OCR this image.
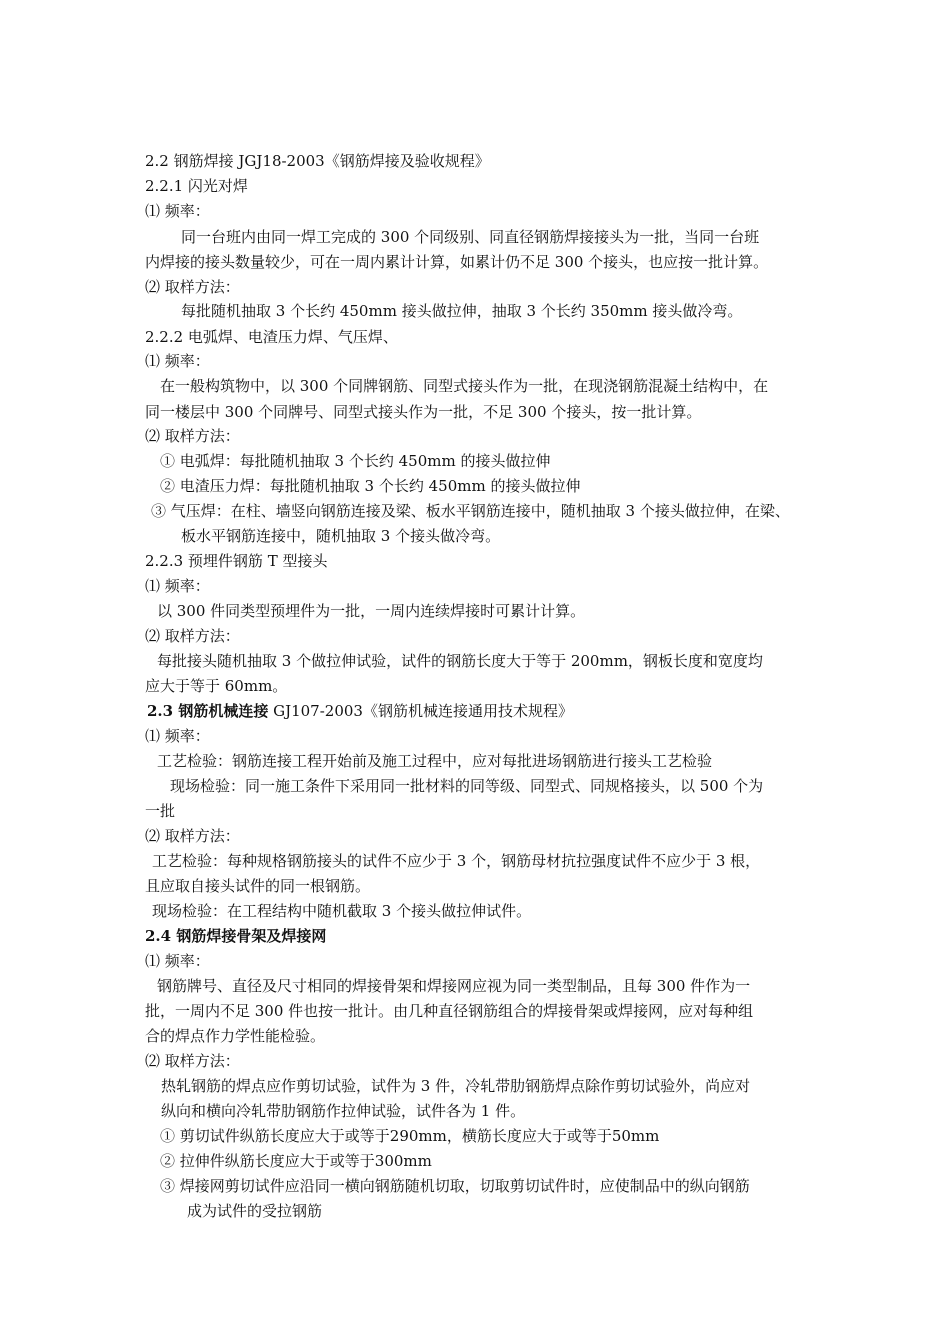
2.2 钢筋焊接 JGJ18-2003《钢筋焊接及验收规程》
2.2.1 闪光对焊
⑴ 频率：
同一台班内由同一焊工完成的 300 个同级别、同直径钢筋焊接接头为一批，当同一台班
内焊接的接头数量较少，可在一周内累计计算，如累计仍不足 300 个接头，也应按一批计算。
⑵ 取样方法：
每批随机抽取 3 个长约 450mm 接头做拉伸，抽取 3 个长约 350mm 接头做冷弯。
2.2.2 电弧焊、电渣压力焊、气压焊、
⑴ 频率：
在一般构筑物中，以 300 个同牌钢筋、同型式接头作为一批，在现浇钢筋混凝土结构中，在
同一楼层中 300 个同牌号、同型式接头作为一批，不足 300 个接头，按一批计算。
⑵ 取样方法：
① 电弧焊：每批随机抽取 3 个长约 450mm 的接头做拉伸
② 电渣压力焊：每批随机抽取 3 个长约 450mm 的接头做拉伸
③ 气压焊：在柱、墙竖向钢筋连接及梁、板水平钢筋连接中，随机抽取 3 个接头做拉伸，在梁、
板水平钢筋连接中，随机抽取 3 个接头做冷弯。
2.2.3 预埋件钢筋 T 型接头
⑴ 频率：
以 300 件同类型预埋件为一批，一周内连续焊接时可累计计算。
⑵ 取样方法：
每批接头随机抽取 3 个做拉伸试验，试件的钢筋长度大于等于 200mm，钢板长度和宽度均
应大于等于 60mm。
2.3 钢筋机械连接 GJ107-2003《钢筋机械连接通用技术规程》
⑴ 频率：
工艺检验：钢筋连接工程开始前及施工过程中，应对每批进场钢筋进行接头工艺检验
现场检验：同一施工条件下采用同一批材料的同等级、同型式、同规格接头，以 500 个为
一批
⑵ 取样方法：
工艺检验：每种规格钢筋接头的试件不应少于 3 个，钢筋母材抗拉强度试件不应少于 3 根，
且应取自接头试件的同一根钢筋。
现场检验：在工程结构中随机截取 3 个接头做拉伸试件。
2.4 钢筋焊接骨架及焊接网
⑴ 频率：
钢筋牌号、直径及尺寸相同的焊接骨架和焊接网应视为同一类型制品，且每 300 件作为一
批，一周内不足 300 件也按一批计。由几种直径钢筋组合的焊接骨架或焊接网，应对每种组
合的焊点作力学性能检验。
⑵ 取样方法：
热轧钢筋的焊点应作剪切试验，试件为 3 件，冷轧带肋钢筋焊点除作剪切试验外，尚应对
纵向和横向冷轧带肋钢筋作拉伸试验，试件各为 1 件。
① 剪切试件纵筋长度应大于或等于290mm，横筋长度应大于或等于50mm
② 拉伸件纵筋长度应大于或等于300mm
③ 焊接网剪切试件应沿同一横向钢筋随机切取，切取剪切试件时，应使制品中的纵向钢筋
成为试件的受拉钢筋
